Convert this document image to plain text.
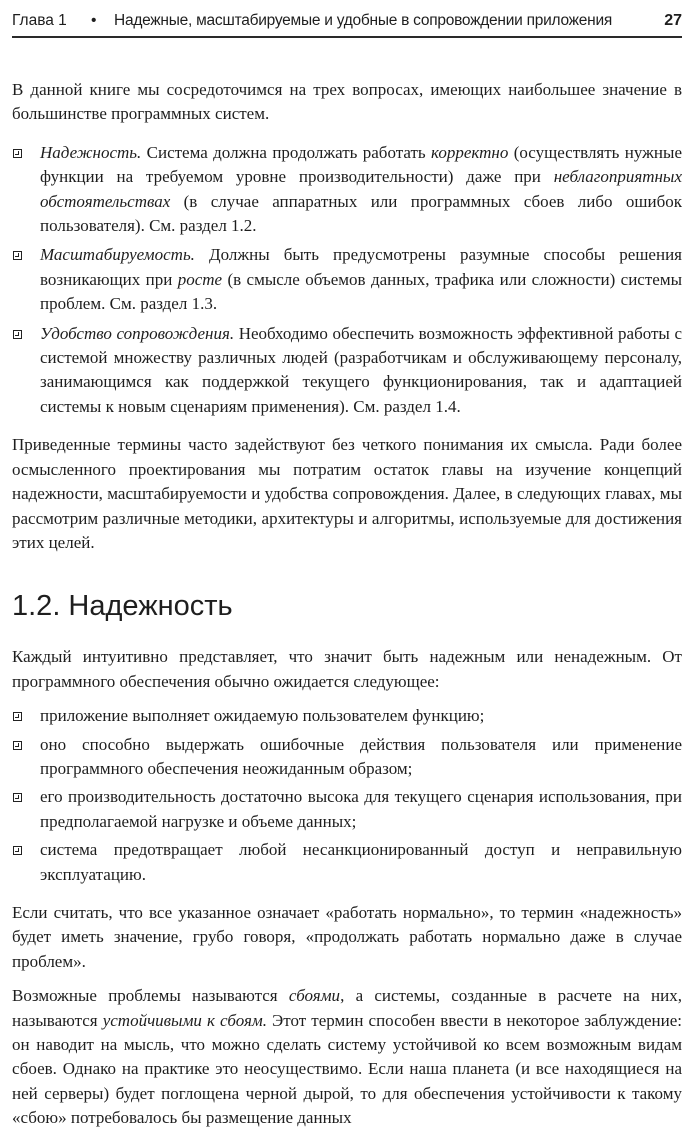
Глава 1 • Надежные, масштабируемые и удобные в сопровождении приложения	27

В данной книге мы сосредоточимся на трех вопросах, имеющих наибольшее значение в большинстве программных систем.

Надежность. Система должна продолжать работать корректно (осуществлять нужные функции на требуемом уровне производительности) даже при неблагоприятных обстоятельствах (в случае аппаратных или программных сбоев либо ошибок пользователя). См. раздел 1.2.
Масштабируемость. Должны быть предусмотрены разумные способы решения возникающих при росте (в смысле объемов данных, трафика или сложности) системы проблем. См. раздел 1.3.
Удобство сопровождения. Необходимо обеспечить возможность эффективной работы с системой множеству различных людей (разработчикам и обслуживающему персоналу, занимающимся как поддержкой текущего функционирования, так и адаптацией системы к новым сценариям применения). См. раздел 1.4.

Приведенные термины часто задействуют без четкого понимания их смысла. Ради более осмысленного проектирования мы потратим остаток главы на изучение концепций надежности, масштабируемости и удобства сопровождения. Далее, в следующих главах, мы рассмотрим различные методики, архитектуры и алгоритмы, используемые для достижения этих целей.

1.2. Надежность

Каждый интуитивно представляет, что значит быть надежным или ненадежным. От программного обеспечения обычно ожидается следующее:

приложение выполняет ожидаемую пользователем функцию;
оно способно выдержать ошибочные действия пользователя или применение программного обеспечения неожиданным образом;
его производительность достаточно высока для текущего сценария использования, при предполагаемой нагрузке и объеме данных;
система предотвращает любой несанкционированный доступ и неправильную эксплуатацию.

Если считать, что все указанное означает «работать нормально», то термин «надежность» будет иметь значение, грубо говоря, «продолжать работать нормально даже в случае проблем».

Возможные проблемы называются сбоями, а системы, созданные в расчете на них, называются устойчивыми к сбоям. Этот термин способен ввести в некоторое заблуждение: он наводит на мысль, что можно сделать систему устойчивой ко всем возможным видам сбоев. Однако на практике это неосуществимо. Если наша планета (и все находящиеся на ней серверы) будет поглощена черной дырой, то для обеспечения устойчивости к такому «сбою» потребовалось бы размещение данных
